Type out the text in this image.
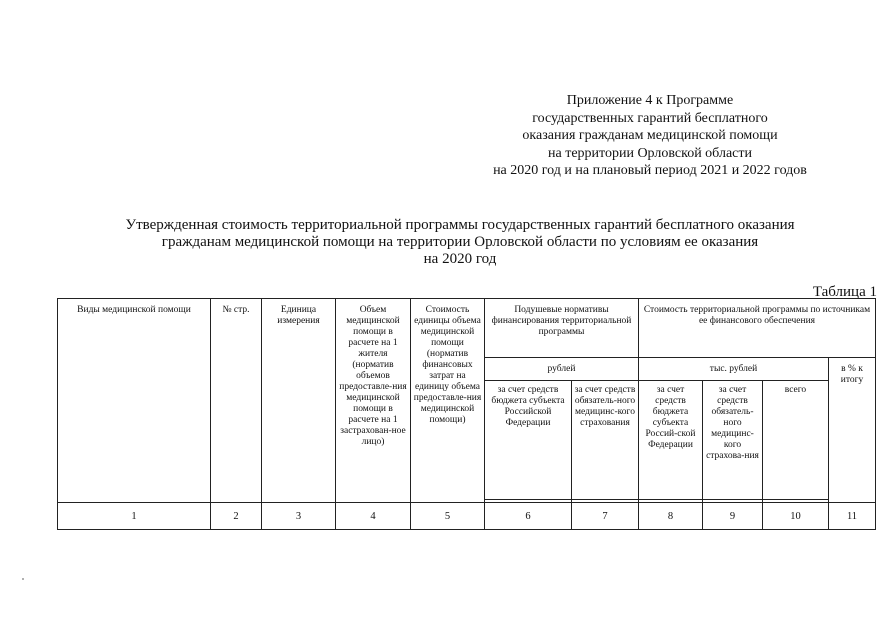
Приложение 4 к Программе
государственных гарантий бесплатного
оказания гражданам медицинской помощи
на территории Орловской области
на 2020 год и на плановый период 2021 и 2022 годов
Утвержденная стоимость территориальной программы государственных гарантий бесплатного оказания
гражданам медицинской помощи на территории Орловской области по условиям ее оказания
на 2020 год
Таблица 1
Виды медицинской помощи	№ стр.	Единица измерения	Объем медицинской помощи в расчете на 1 жителя (норматив объемов предоставле-ния медицинской помощи в расчете на 1 застрахован-ное лицо)	Стоимость единицы объема медицинской помощи (норматив финансовых затрат на единицу объема предоставле-ния медицинской помощи)	Подушевые нормативы финансирования территориальной программы		Стоимость территориальной программы по источникам ее финансового обеспечения			
					рублей		тыс. рублей			в % к итогу
					за счет средств бюджета субъекта Российской Федерации	за счет средств обязатель-ного медицинс-кого страхования	за счет средств бюджета субъекта Россий-ской Федерации	за счет средств обязатель-ного медицинс-кого страхова-ния	всего	

1	2	3	4	5	6	7	8	9	10	11
